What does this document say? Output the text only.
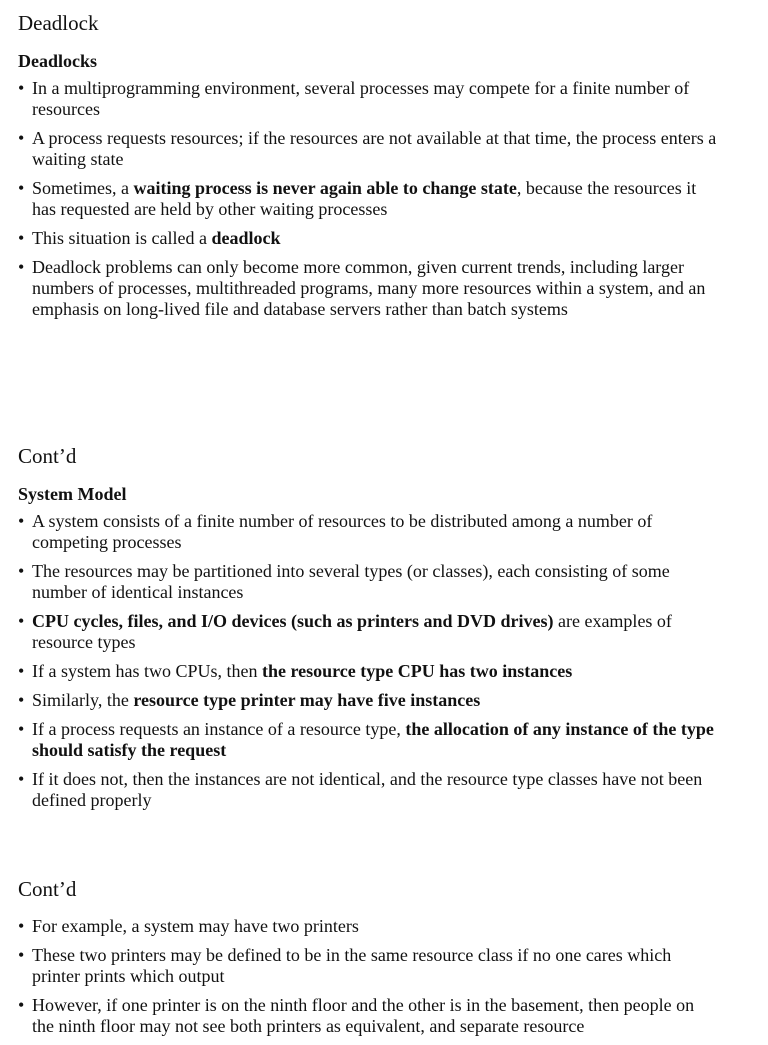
Deadlock
Deadlocks
• In a multiprogramming environment, several processes may compete for a finite number of resources
• A process requests resources; if the resources are not available at that time, the process enters a waiting state
• Sometimes, a waiting process is never again able to change state, because the resources it has requested are held by other waiting processes
• This situation is called a deadlock
• Deadlock problems can only become more common, given current trends, including larger numbers of processes, multithreaded programs, many more resources within a system, and an emphasis on long-lived file and database servers rather than batch systems
Cont’d
System Model
• A system consists of a finite number of resources to be distributed among a number of competing processes
• The resources may be partitioned into several types (or classes), each consisting of some number of identical instances
• CPU cycles, files, and I/O devices (such as printers and DVD drives) are examples of resource types
• If a system has two CPUs, then the resource type CPU has two instances
• Similarly, the resource type printer may have five instances
• If a process requests an instance of a resource type, the allocation of any instance of the type should satisfy the request
• If it does not, then the instances are not identical, and the resource type classes have not been defined properly
Cont’d
• For example, a system may have two printers
• These two printers may be defined to be in the same resource class if no one cares which printer prints which output
• However, if one printer is on the ninth floor and the other is in the basement, then people on the ninth floor may not see both printers as equivalent, and separate resource
